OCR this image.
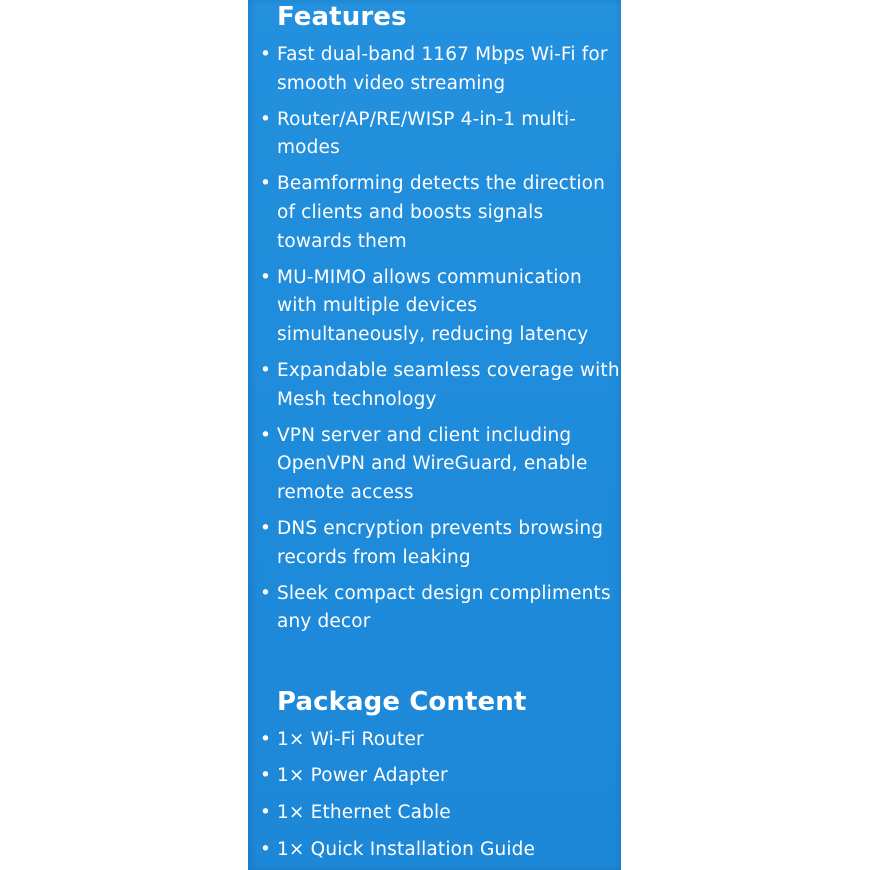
Features
• Fast dual-band 1167 Mbps Wi-Fi for smooth video streaming
• Router/AP/RE/WISP 4-in-1 multi-modes
• Beamforming detects the direction of clients and boosts signals towards them
• MU-MIMO allows communication with multiple devices simultaneously, reducing latency
• Expandable seamless coverage with Mesh technology
• VPN server and client including OpenVPN and WireGuard, enable remote access
• DNS encryption prevents browsing records from leaking
• Sleek compact design compliments any decor
Package Content
• 1× Wi-Fi Router
• 1× Power Adapter
• 1× Ethernet Cable
• 1× Quick Installation Guide
